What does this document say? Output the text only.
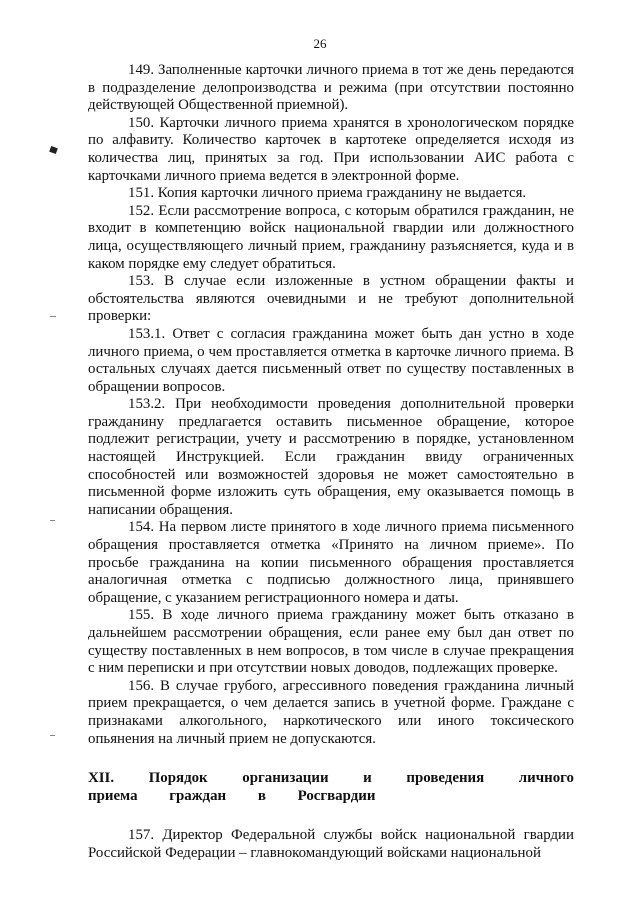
26

149. Заполненные карточки личного приема в тот же день передаются в подразделение делопроизводства и режима (при отсутствии постоянно действующей Общественной приемной).

150. Карточки личного приема хранятся в хронологическом порядке по алфавиту. Количество карточек в картотеке определяется исходя из количества лиц, принятых за год. При использовании АИС работа с карточками личного приема ведется в электронной форме.

151. Копия карточки личного приема гражданину не выдается.

152. Если рассмотрение вопроса, с которым обратился гражданин, не входит в компетенцию войск национальной гвардии или должностного лица, осуществляющего личный прием, гражданину разъясняется, куда и в каком порядке ему следует обратиться.

153. В случае если изложенные в устном обращении факты и обстоятельства являются очевидными и не требуют дополнительной проверки:

153.1. Ответ с согласия гражданина может быть дан устно в ходе личного приема, о чем проставляется отметка в карточке личного приема. В остальных случаях дается письменный ответ по существу поставленных в обращении вопросов.

153.2. При необходимости проведения дополнительной проверки гражданину предлагается оставить письменное обращение, которое подлежит регистрации, учету и рассмотрению в порядке, установленном настоящей Инструкцией. Если гражданин ввиду ограниченных способностей или возможностей здоровья не может самостоятельно в письменной форме изложить суть обращения, ему оказывается помощь в написании обращения.

154. На первом листе принятого в ходе личного приема письменного обращения проставляется отметка «Принято на личном приеме». По просьбе гражданина на копии письменного обращения проставляется аналогичная отметка с подписью должностного лица, принявшего обращение, с указанием регистрационного номера и даты.

155. В ходе личного приема гражданину может быть отказано в дальнейшем рассмотрении обращения, если ранее ему был дан ответ по существу поставленных в нем вопросов, в том числе в случае прекращения с ним переписки и при отсутствии новых доводов, подлежащих проверке.

156. В случае грубого, агрессивного поведения гражданина личный прием прекращается, о чем делается запись в учетной форме. Граждане с признаками алкогольного, наркотического или иного токсического опьянения на личный прием не допускаются.

XII. Порядок организации и проведения личного приема граждан в Росгвардии

157. Директор Федеральной службы войск национальной гвардии Российской Федерации – главнокомандующий войсками национальной
